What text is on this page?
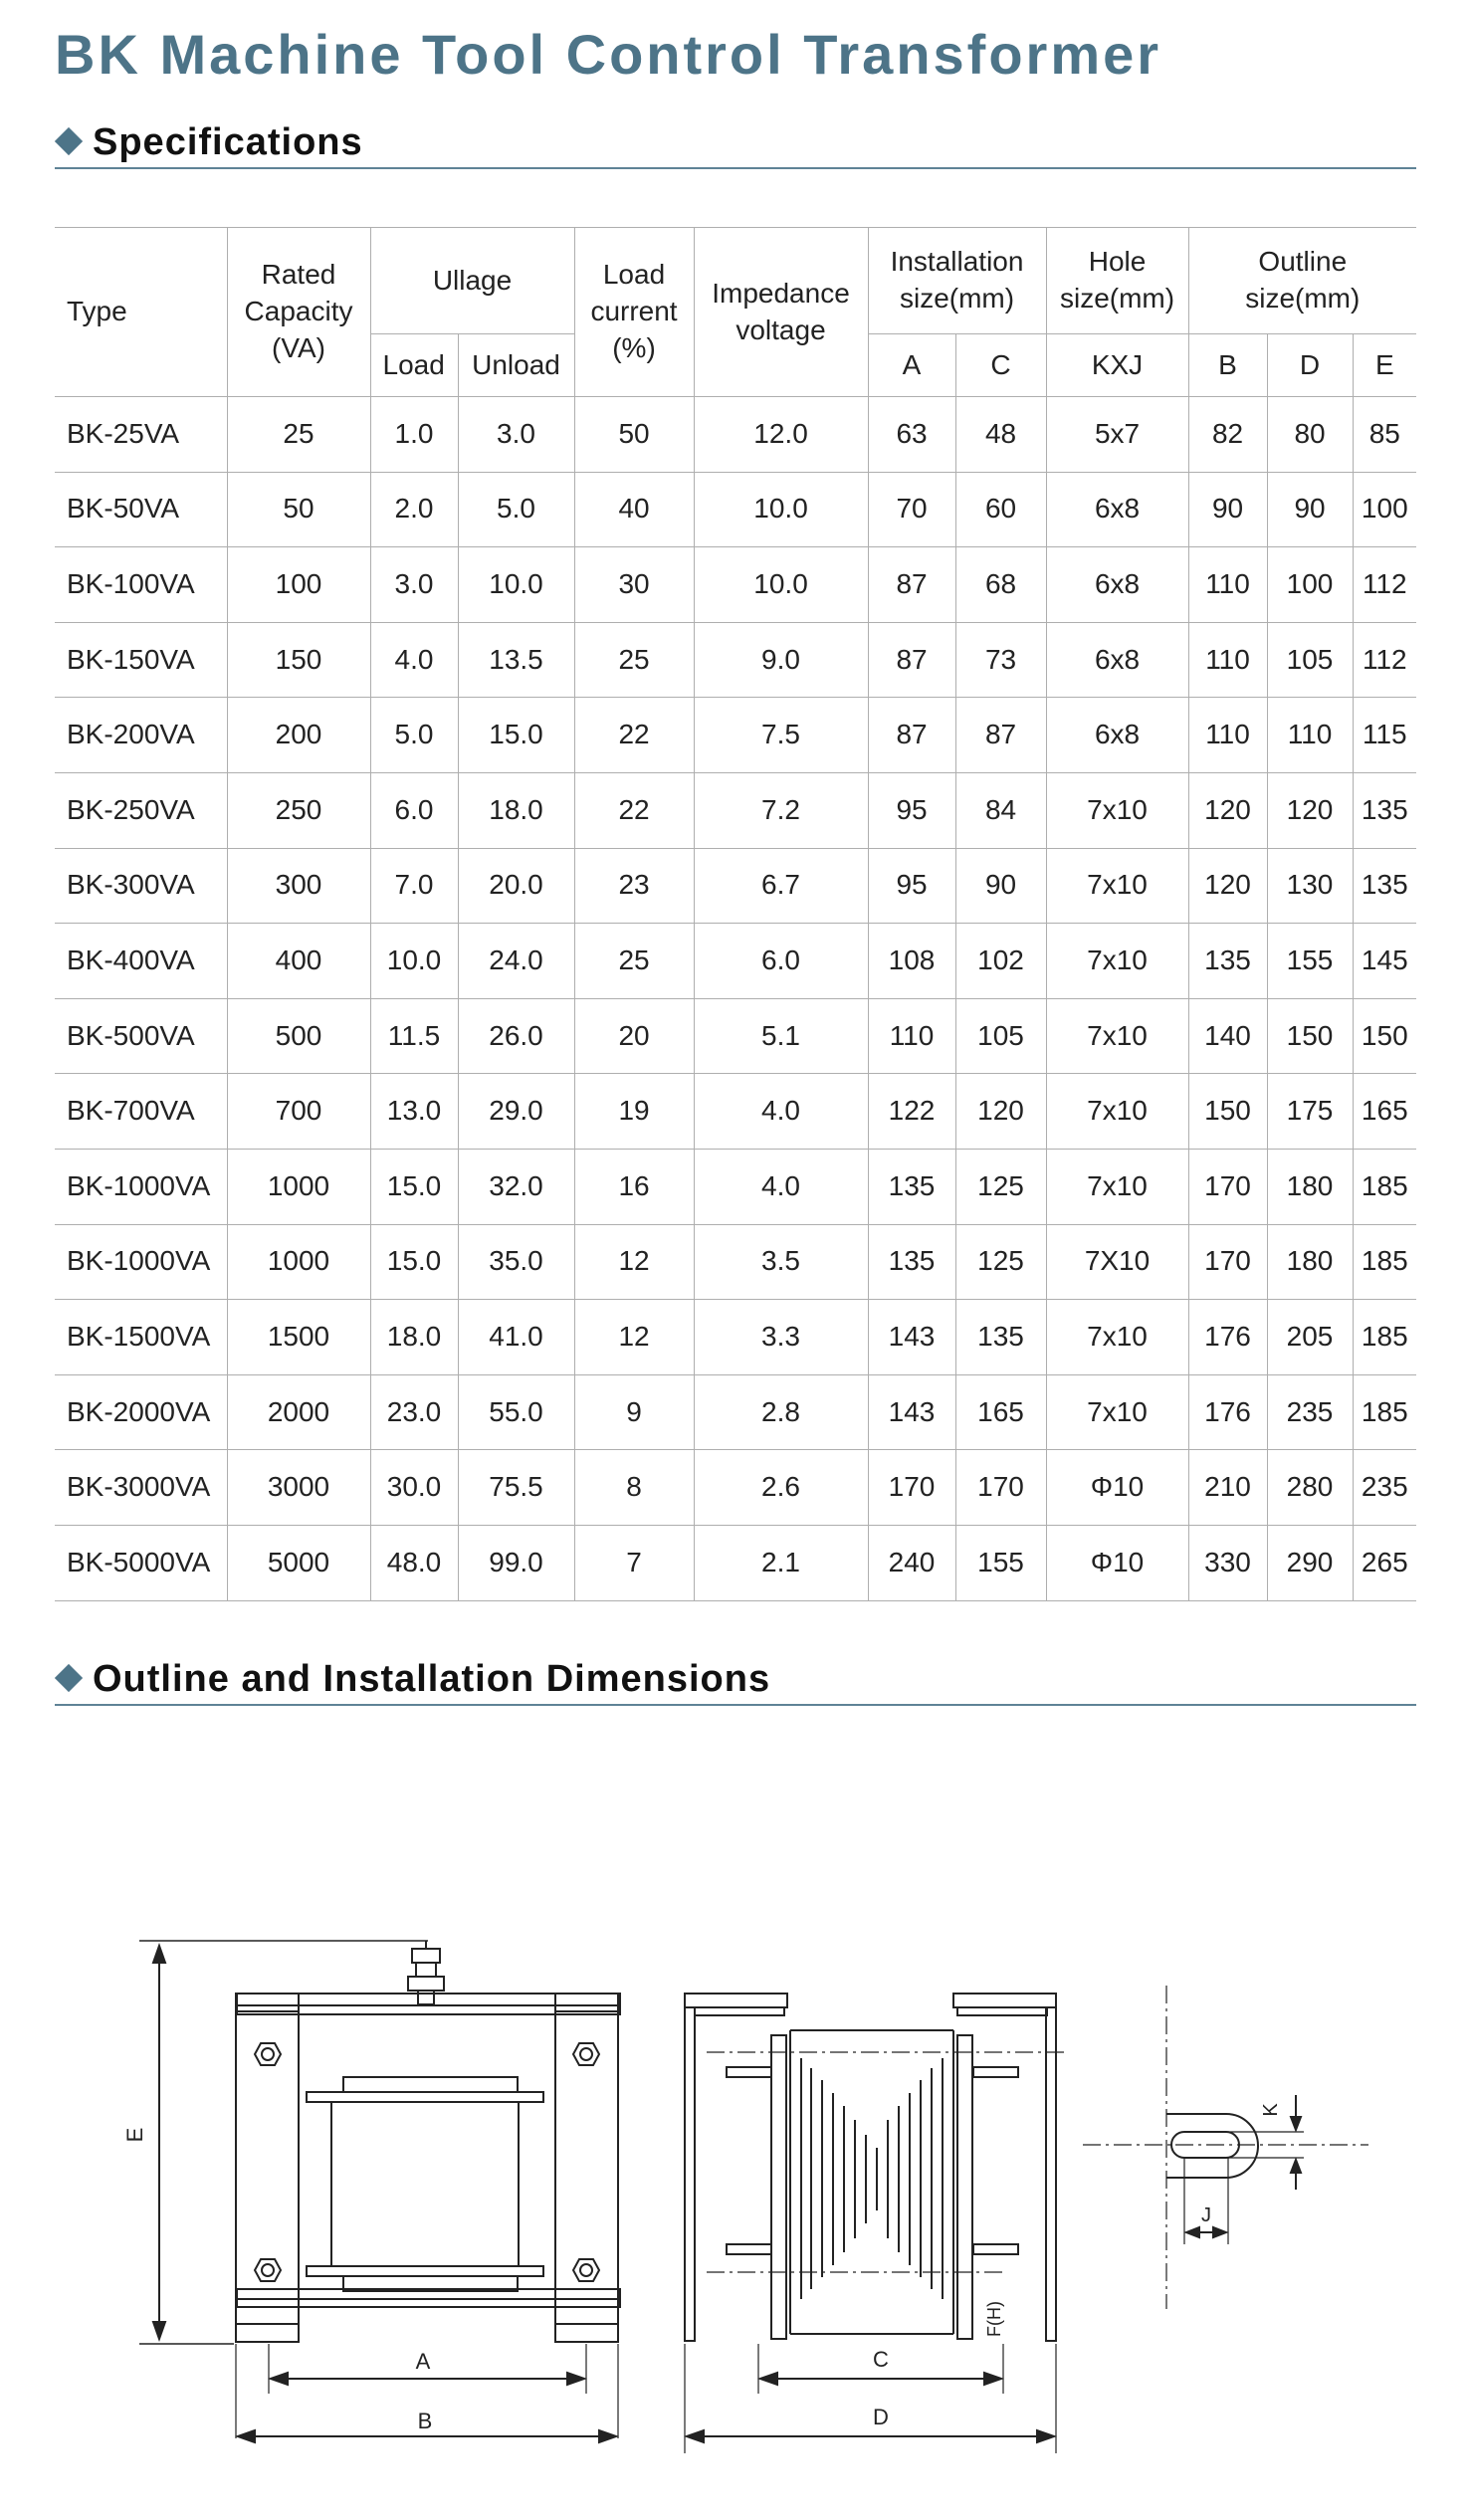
BK Machine Tool Control Transformer
Specifications
Type	Rated Capacity (VA)	Ullage		Load current (%)	Impedance voltage	Installation size(mm)		Hole size(mm)	Outline size(mm)		

		Load	Unload			A	C	KXJ	B	D	E
BK-25VA	25	1.0	3.0	50	12.0	63	48	5x7	82	80	85
BK-50VA	50	2.0	5.0	40	10.0	70	60	6x8	90	90	100
BK-100VA	100	3.0	10.0	30	10.0	87	68	6x8	110	100	112
BK-150VA	150	4.0	13.5	25	9.0	87	73	6x8	110	105	112
BK-200VA	200	5.0	15.0	22	7.5	87	87	6x8	110	110	115
BK-250VA	250	6.0	18.0	22	7.2	95	84	7x10	120	120	135
BK-300VA	300	7.0	20.0	23	6.7	95	90	7x10	120	130	135
BK-400VA	400	10.0	24.0	25	6.0	108	102	7x10	135	155	145
BK-500VA	500	11.5	26.0	20	5.1	110	105	7x10	140	150	150
BK-700VA	700	13.0	29.0	19	4.0	122	120	7x10	150	175	165
BK-1000VA	1000	15.0	32.0	16	4.0	135	125	7x10	170	180	185
BK-1000VA	1000	15.0	35.0	12	3.5	135	125	7X10	170	180	185
BK-1500VA	1500	18.0	41.0	12	3.3	143	135	7x10	176	205	185
BK-2000VA	2000	23.0	55.0	9	2.8	143	165	7x10	176	235	185
BK-3000VA	3000	30.0	75.5	8	2.6	170	170	Φ10	210	280	235
BK-5000VA	5000	48.0	99.0	7	2.1	240	155	Φ10	330	290	265
Outline and Installation Dimensions
E
A
B
F(H)
C
D
J
K
